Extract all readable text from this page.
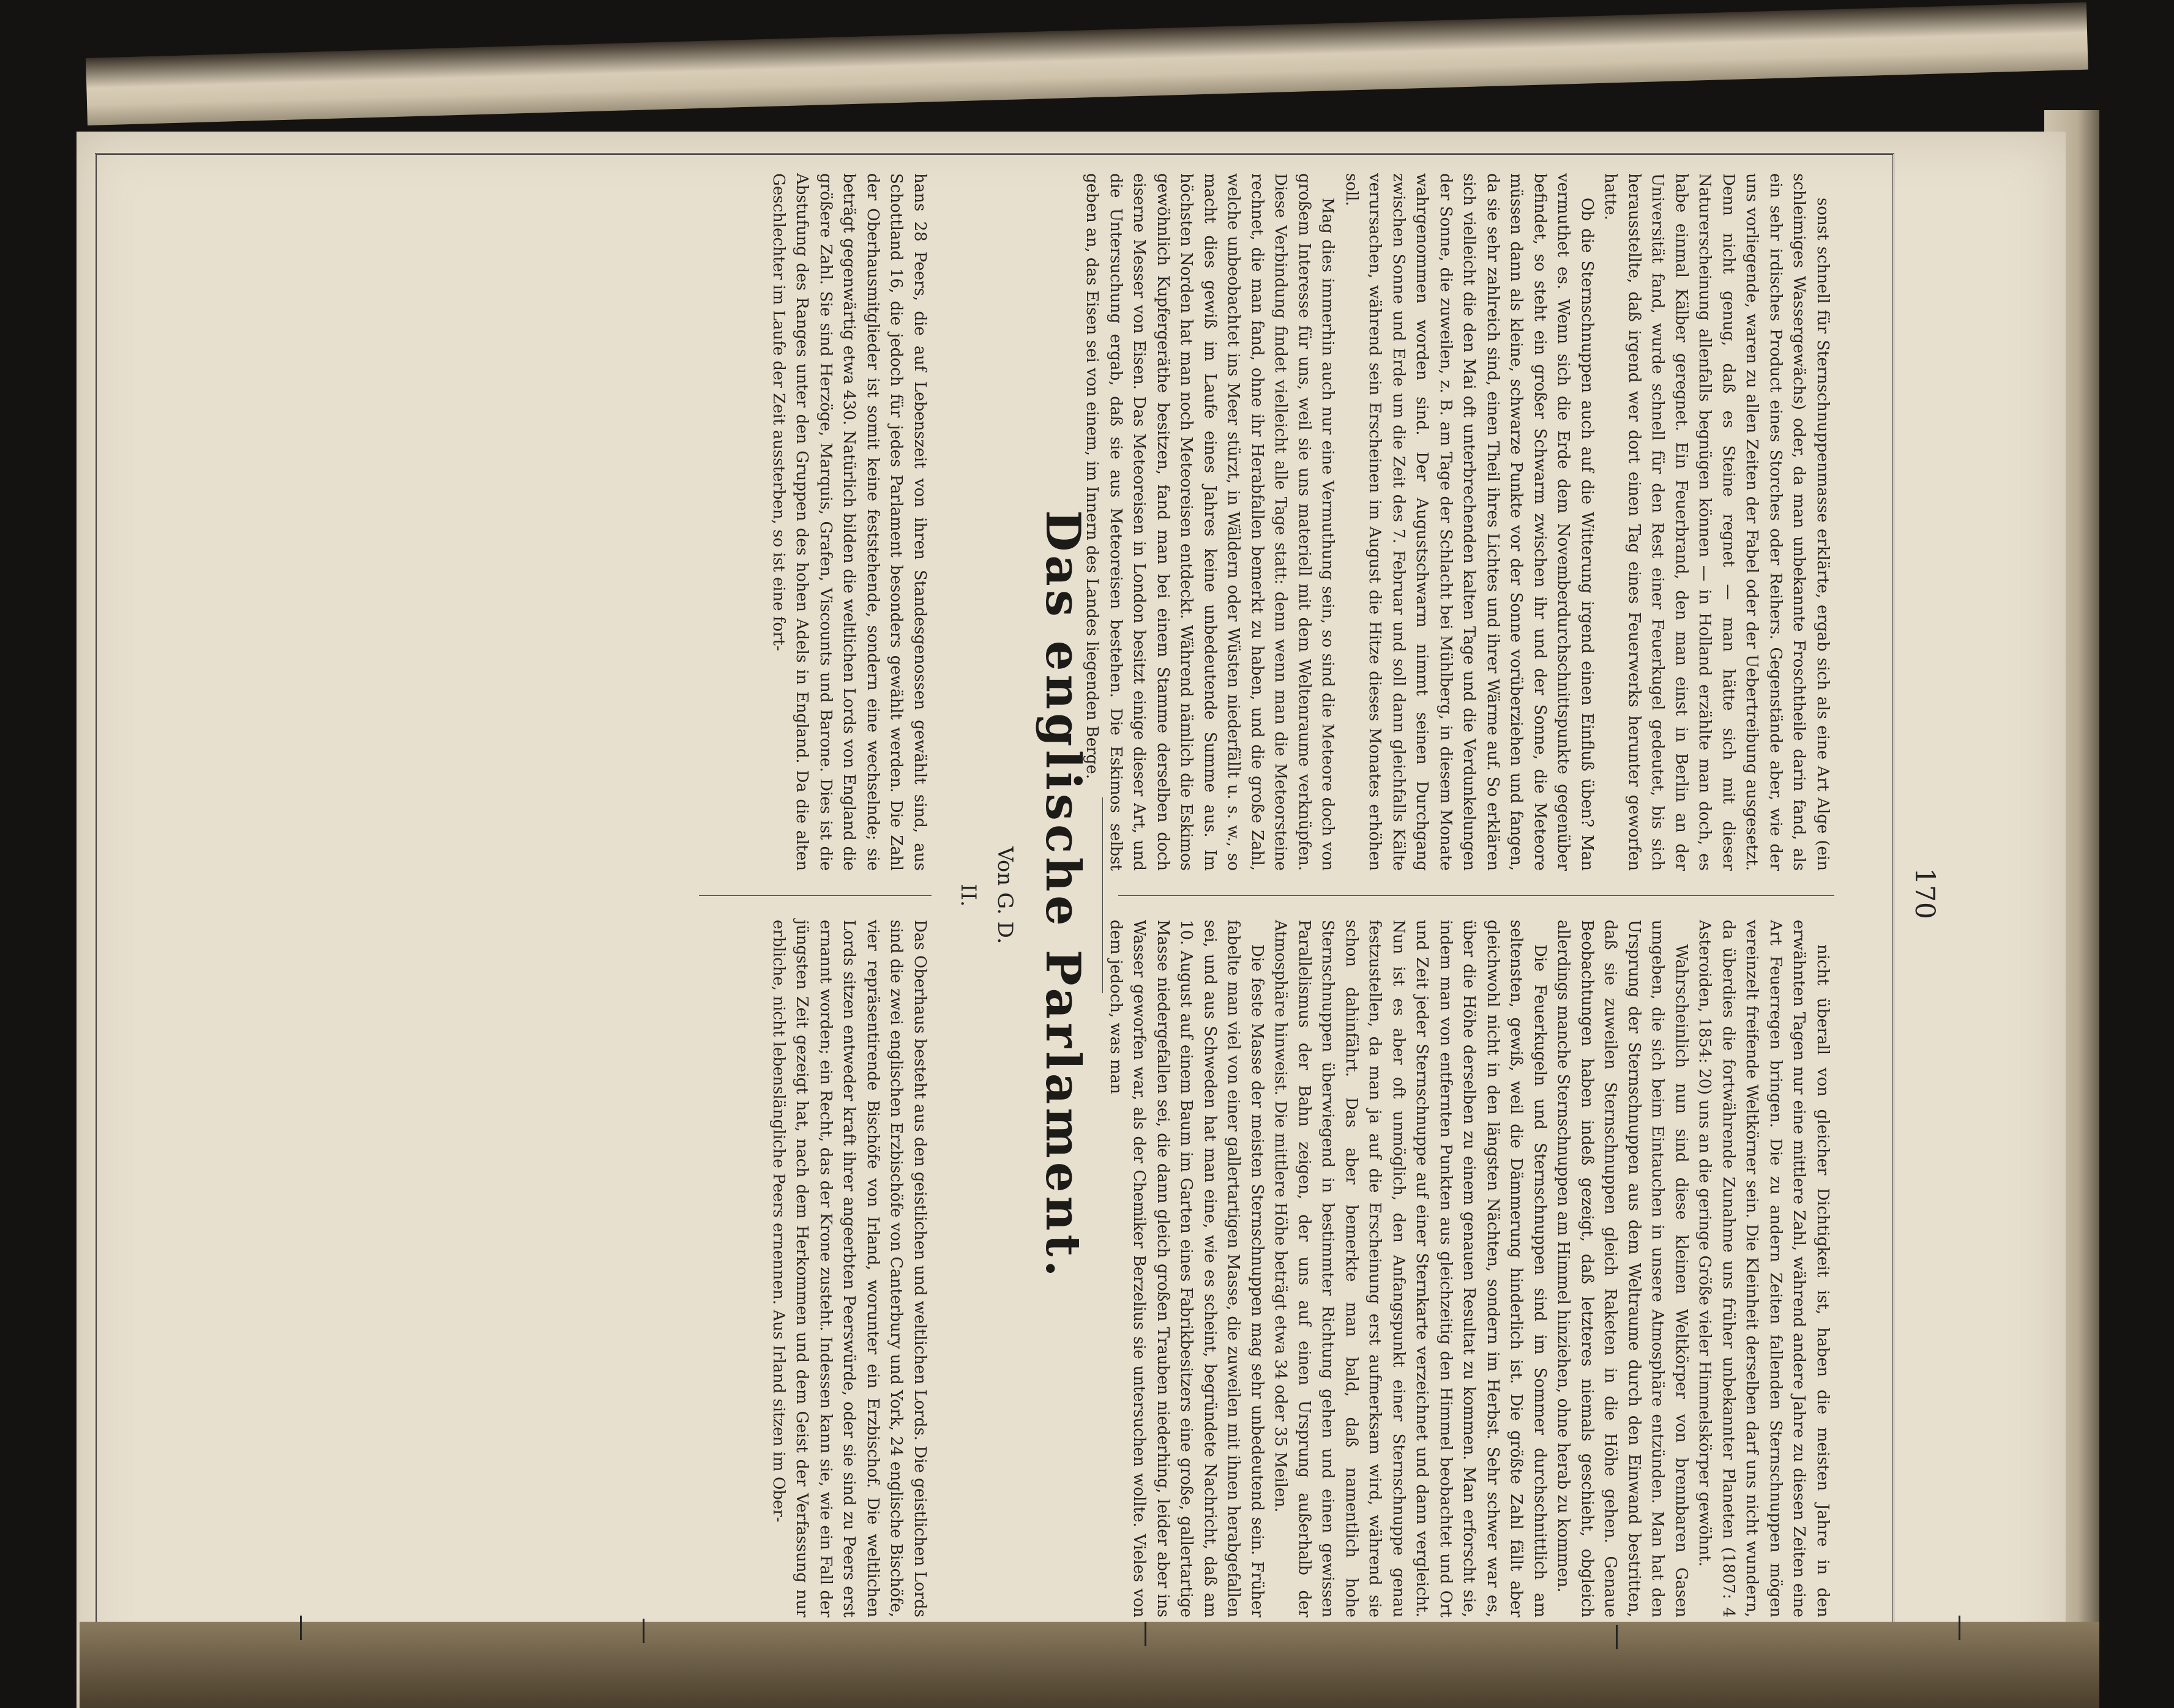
170

sonst schnell für Sternschnuppenmasse erklärte, ergab sich als eine Art Alge (ein schleimiges Wassergewächs) oder, da man unbekannte Froschtheile darin fand, als ein sehr irdisches Product eines Storches oder Reihers. Gegenstände aber, wie der uns vorliegende, waren zu allen Zeiten der Fabel oder der Uebertreibung ausgesetzt. Denn nicht genug, daß es Steine regnet — man hätte sich mit dieser Naturerscheinung allenfalls begnügen können — in Holland erzählte man doch, es habe einmal Kälber geregnet. Ein Feuerbrand, den man einst in Berlin an der Universität fand, wurde schnell für den Rest einer Feuerkugel gedeutet, bis sich herausstellte, daß irgend wer dort einen Tag eines Feuerwerks herunter geworfen hatte.

Ob die Sternschnuppen auch auf die Witterung irgend einen Einfluß üben? Man vermuthet es. Wenn sich die Erde dem Novemberdurchschnittspunkte gegenüber befindet, so steht ein großer Schwarm zwischen ihr und der Sonne, die Meteore müssen dann als kleine, schwarze Punkte vor der Sonne vorüberziehen und fangen, da sie sehr zahlreich sind, einen Theil ihres Lichtes und ihrer Wärme auf. So erklären sich vielleicht die den Mai oft unterbrechenden kalten Tage und die Verdunkelungen der Sonne, die zuweilen, z. B. am Tage der Schlacht bei Mühlberg, in diesem Monate wahrgenommen worden sind. Der Augustschwarm nimmt seinen Durchgang zwischen Sonne und Erde um die Zeit des 7. Februar und soll dann gleichfalls Kälte verursachen, während sein Erscheinen im August die Hitze dieses Monates erhöhen soll.

Mag dies immerhin auch nur eine Vermuthung sein, so sind die Meteore doch von großem Interesse für uns, weil sie uns materiell mit dem Weltenraume verknüpfen. Diese Verbindung findet vielleicht alle Tage statt: denn wenn man die Meteorsteine rechnet, die man fand, ohne ihr Herabfallen bemerkt zu haben, und die große Zahl, welche unbeobachtet ins Meer stürzt, in Wäldern oder Wüsten niederfällt u. s. w., so macht dies gewiß im Laufe eines Jahres keine unbedeutende Summe aus. Im höchsten Norden hat man noch Meteoreisen entdeckt. Während nämlich die Eskimos gewöhnlich Kupfergeräthe besitzen, fand man bei einem Stamme derselben doch eiserne Messer von Eisen. Das Meteoreisen in London besitzt einige dieser Art, und die Untersuchung ergab, daß sie aus Meteoreisen bestehen. Die Eskimos selbst geben an, das Eisen sei von einem, im Innern des Landes liegenden Berge.

nicht überall von gleicher Dichtigkeit ist, haben die meisten Jahre in den erwähnten Tagen nur eine mittlere Zahl, während andere Jahre zu diesen Zeiten eine Art Feuerregen bringen. Die zu andern Zeiten fallenden Sternschnuppen mögen vereinzelt freifende Weltkörner sein. Die Kleinheit derselben darf uns nicht wundern, da überdies die fortwährende Zunahme uns früher unbekannter Planeten (1807: 4 Asteroiden, 1854: 20) uns an die geringe Größe vieler Himmelskörper gewöhnt.

Wahrscheinlich nun sind diese kleinen Weltkörper von brennbaren Gasen umgeben, die sich beim Eintauchen in unsere Atmosphäre entzünden. Man hat den Ursprung der Sternschnuppen aus dem Weltraume durch den Einwand bestritten, daß sie zuweilen Sternschnuppen gleich Raketen in die Höhe gehen. Genaue Beobachtungen haben indeß gezeigt, daß letzteres niemals geschieht, obgleich allerdings manche Sternschnuppen am Himmel hinziehen, ohne herab zu kommen.

Die Feuerkugeln und Sternschnuppen sind im Sommer durchschnittlich am seltensten, gewiß, weil die Dämmerung hinderlich ist. Die größte Zahl fällt aber gleichwohl nicht in den längsten Nächten, sondern im Herbst. Sehr schwer war es, über die Höhe derselben zu einem genauen Resultat zu kommen. Man erforscht sie, indem man von entfernten Punkten aus gleichzeitig den Himmel beobachtet und Ort und Zeit jeder Sternschnuppe auf einer Sternkarte verzeichnet und dann vergleicht. Nun ist es aber oft unmöglich, den Anfangspunkt einer Sternschnuppe genau festzustellen, da man ja auf die Erscheinung erst aufmerksam wird, während sie schon dahinfährt. Das aber bemerkte man bald, daß namentlich hohe Sternschnuppen überwiegend in bestimmter Richtung gehen und einen gewissen Parallelismus der Bahn zeigen, der uns auf einen Ursprung außerhalb der Atmosphäre hinweist. Die mittlere Höhe beträgt etwa 34 oder 35 Meilen.

Die feste Masse der meisten Sternschnuppen mag sehr unbedeutend sein. Früher fabelte man viel von einer gallertartigen Masse, die zuweilen mit ihnen herabgefallen sei, und aus Schweden hat man eine, wie es scheint, begründete Nachricht, daß am 10. August auf einem Baum im Garten eines Fabrikbesitzers eine große, gallertartige Masse niedergefallen sei, die dann gleich großen Trauben niederhing, leider aber ins Wasser geworfen war, als der Chemiker Berzelius sie untersuchen wollte. Vieles von dem jedoch, was man

Das englische Parlament.
Von G. D.
II.
hans 28 Peers, die auf Lebenszeit von ihren Standesgenossen gewählt sind, aus Schottland 16, die jedoch für jedes Parlament besonders gewählt werden. Die Zahl der Oberhausmitglieder ist somit keine feststehende, sondern eine wechselnde; sie beträgt gegenwärtig etwa 430. Natürlich bilden die weltlichen Lords von England die größere Zahl. Sie sind Herzöge, Marquis, Grafen, Viscounts und Barone. Dies ist die Abstufung des Ranges unter den Gruppen des hohen Adels in England. Da die alten Geschlechter im Laufe der Zeit aussterben, so ist eine fort-
Das Oberhaus besteht aus den geistlichen und weltlichen Lords. Die geistlichen Lords sind die zwei englischen Erzbischöfe von Canterbury und York, 24 englische Bischöfe, vier repräsentirende Bischöfe von Irland, worunter ein Erzbischof. Die weltlichen Lords sitzen entweder kraft ihrer angeerbten Peerswürde, oder sie sind zu Peers erst ernannt worden; ein Recht, das der Krone zusteht. Indessen kann sie, wie ein Fall der jüngsten Zeit gezeigt hat, nach dem Herkommen und dem Geist der Verfassung nur erbliche, nicht lebenslängliche Peers ernennen. Aus Irland sitzen im Ober-
